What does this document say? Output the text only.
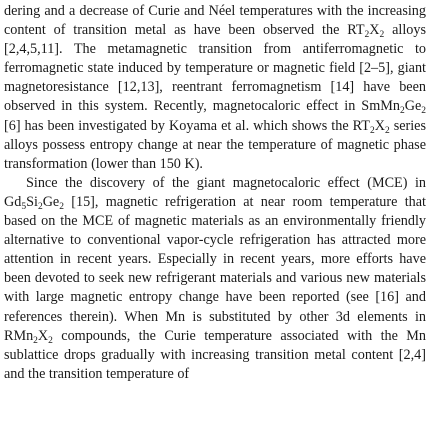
dering and a decrease of Curie and Néel temperatures with the increasing content of transition metal as have been observed the $RT_2X_2$ alloys [2,4,5,11]. The metamagnetic transition from antiferromagnetic to ferromagnetic state induced by temperature or magnetic field [2–5], giant magnetoresistance [12,13], reentrant ferromagnetism [14] have been observed in this system. Recently, magnetocaloric effect in $SmMn_2Ge_2$ [6] has been investigated by Koyama et al. which shows the $RT_2X_2$ series alloys possess entropy change at near the temperature of magnetic phase transformation (lower than 150 K).

Since the discovery of the giant magnetocaloric effect (MCE) in $Gd_5Si_2Ge_2$ [15], magnetic refrigeration at near room temperature that based on the MCE of magnetic materials as an environmentally friendly alternative to conventional vapor-cycle refrigeration has attracted more attention in recent years. Especially in recent years, more efforts have been devoted to seek new refrigerant materials and various new materials with large magnetic entropy change have been reported (see [16] and references therein). When Mn is substituted by other 3d elements in $RMn_2X_2$ compounds, the Curie temperature associated with the Mn sublattice drops gradually with increasing transition metal content [2,4] and the transition temperature of
